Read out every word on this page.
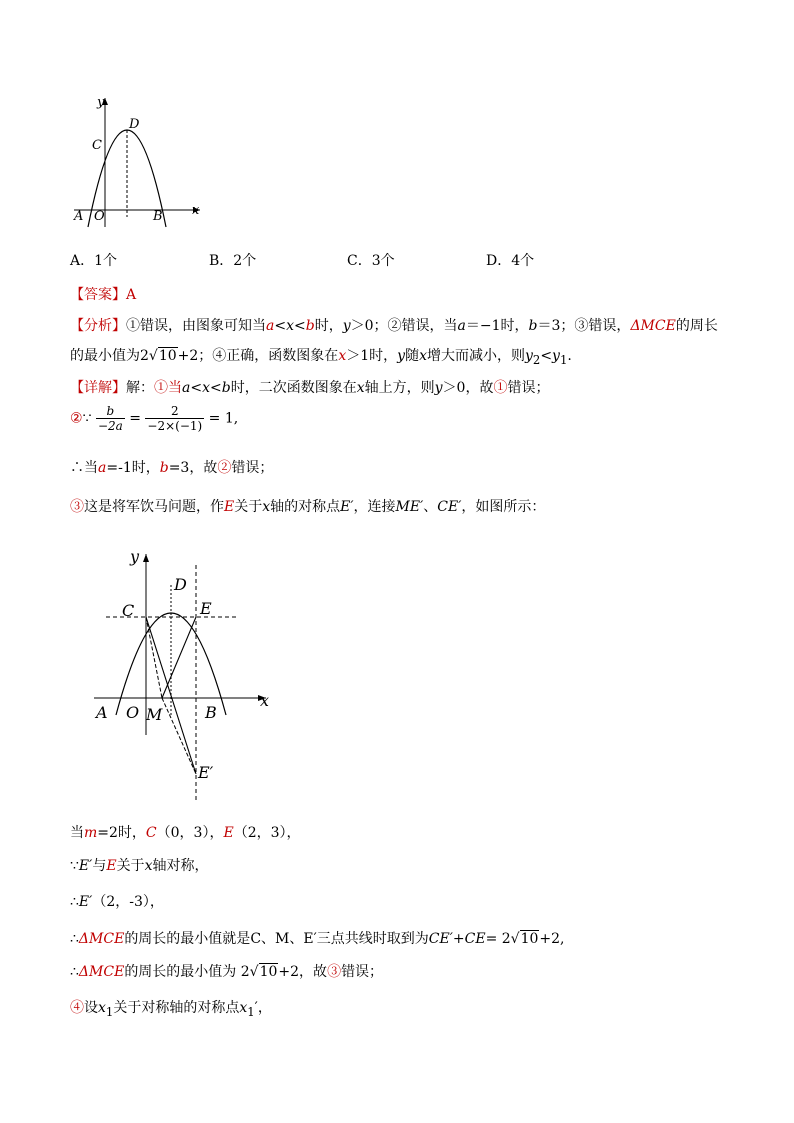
y
x
D
C
A O	B
A．1个	B．2个	C．3个	D．4个
【答案】A
【分析】①错误，由图象可知当a<x<b时，y＞0；②错误，当a＝−1时，b＝3；③错误，ΔMCE的周长
的最小值为2√10+2；④正确，函数图象在x＞1时，y随x增大而减小，则$y_2<y_1$.
【详解】解：①当a<x<b时，二次函数图象在x轴上方，则y＞0，故①错误；
②∵ $\frac{b}{-2a} = \frac{2}{-2\times(-1)} = 1$,
∴当a=-1时，b=3，故②错误；
③这是将军饮马问题，作E关于x轴的对称点E′，连接ME′、CE′，如图所示：
y
x
D
C	E
A O M	B
E′
当m=2时，C（0，3），E（2，3），
∵E′与E关于x轴对称，
∴E′（2，-3），
∴ΔMCE的周长的最小值就是C、M、E′三点共线时取到为CE′+CE= 2√10+2,
∴ΔMCE的周长的最小值为 2√10+2，故③错误；
④设$x_1$关于对称轴的对称点$x_1'$，
